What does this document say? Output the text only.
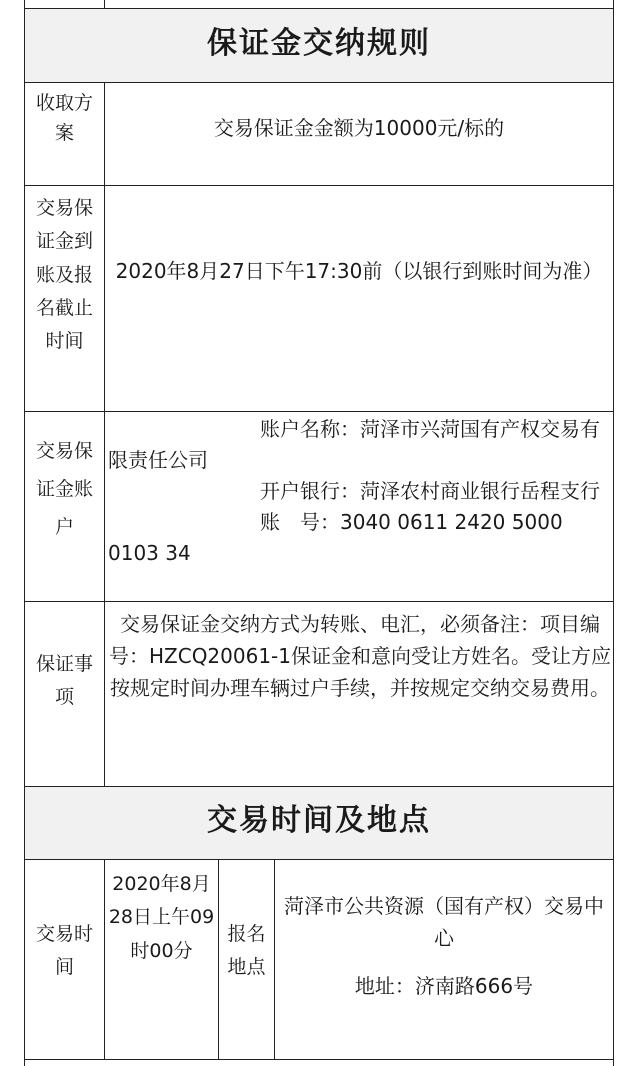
保证金交纳规则
收取方案	交易保证金金额为10000元/标的
交易保证金到账及报名截止时间
2020年8月27日下午17:30前（以银行到账时间为准）
交易保证金账户
账户名称：菏泽市兴菏国有产权交易有限责任公司
开户银行：菏泽农村商业银行岳程支行
账　号：3040 0611 2420 5000 0103 34
保证事项
交易保证金交纳方式为转账、电汇，必须备注：项目编号：HZCQ20061-1保证金和意向受让方姓名。受让方应按规定时间办理车辆过户手续，并按规定交纳交易费用。
交易时间及地点
交易时间
2020年8月28日上午09时00分
报名地点
菏泽市公共资源（国有产权）交易中心
地址：济南路666号
